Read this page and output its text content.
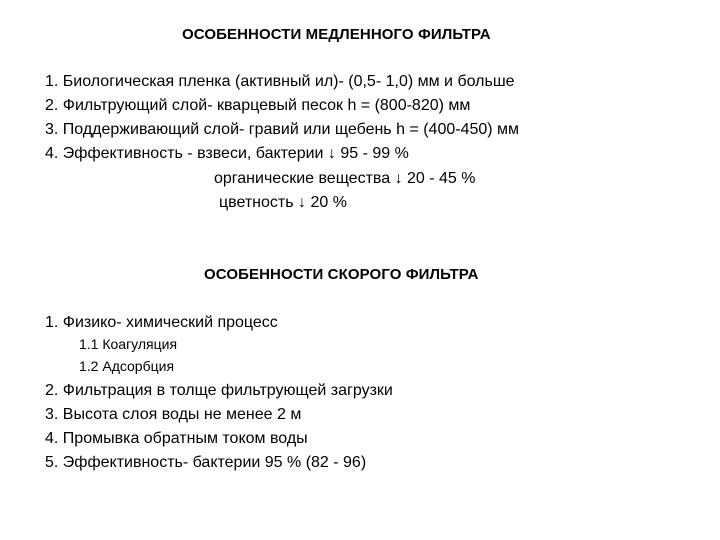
ОСОБЕННОСТИ МЕДЛЕННОГО ФИЛЬТРА
1. Биологическая пленка (активный ил)- (0,5- 1,0) мм и больше
2. Фильтрующий слой- кварцевый песок h = (800-820) мм
3. Поддерживающий слой- гравий или щебень h = (400-450) мм
4. Эффективность - взвеси, бактерии ↓ 95 - 99 %
органические вещества ↓ 20 - 45 %
цветность ↓ 20 %
ОСОБЕННОСТИ СКОРОГО ФИЛЬТРА
1. Физико- химический процесс
1.1 Коагуляция
1.2 Адсорбция
2. Фильтрация в толще фильтрующей загрузки
3. Высота слоя воды не менее 2 м
4. Промывка обратным током воды
5. Эффективность- бактерии 95 % (82 - 96)
